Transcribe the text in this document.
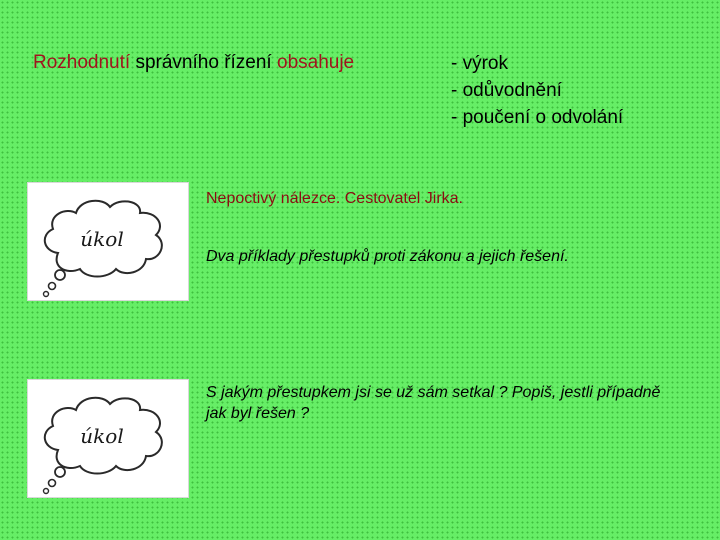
Rozhodnutí správního řízení obsahuje	- výrok
- odůvodnění
- poučení o odvolání
úkol
Nepoctivý nálezce. Cestovatel Jirka.
Dva příklady přestupků proti zákonu a jejich řešení.
úkol
S jakým přestupkem jsi se už sám setkal ? Popiš, jestli případně jak byl řešen ?
